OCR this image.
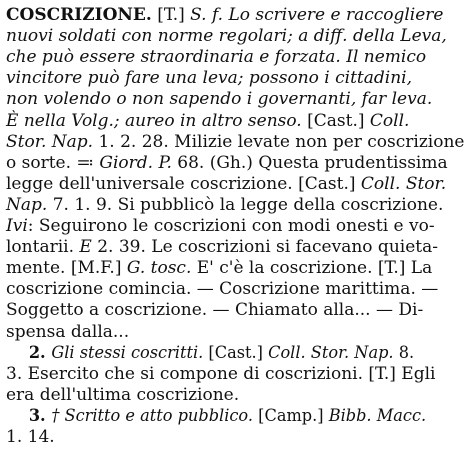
COSCRIZIONE. [T.] S. f. Lo scrivere e raccogliere
nuovi soldati con norme regolari; a diff. della Leva,
che può essere straordinaria e forzata. Il nemico
vincitore può fare una leva; possono i cittadini,
non volendo o non sapendo i governanti, far leva.
È nella Volg.; aureo in altro senso. [Cast.] Coll.
Stor. Nap. 1. 2. 28. Milizie levate non per coscrizione
o sorte. ≕ Giord. P. 68. (Gh.) Questa prudentissima
legge dell'universale coscrizione. [Cast.] Coll. Stor.
Nap. 7. 1. 9. Si pubblicò la legge della coscrizione.
Ivi: Seguirono le coscrizioni con modi onesti e vo-
lontarii. E 2. 39. Le coscrizioni si facevano quieta-
mente. [M.F.] G. tosc. E' c'è la coscrizione. [T.] La
coscrizione comincia. — Coscrizione marittima. —
Soggetto a coscrizione. — Chiamato alla... — Di-
spensa dalla...
2. Gli stessi coscritti. [Cast.] Coll. Stor. Nap. 8.
3. Esercito che si compone di coscrizioni. [T.] Egli
era dell'ultima coscrizione.
3. † Scritto e atto pubblico. [Camp.] Bibb. Macc.
1. 14.
